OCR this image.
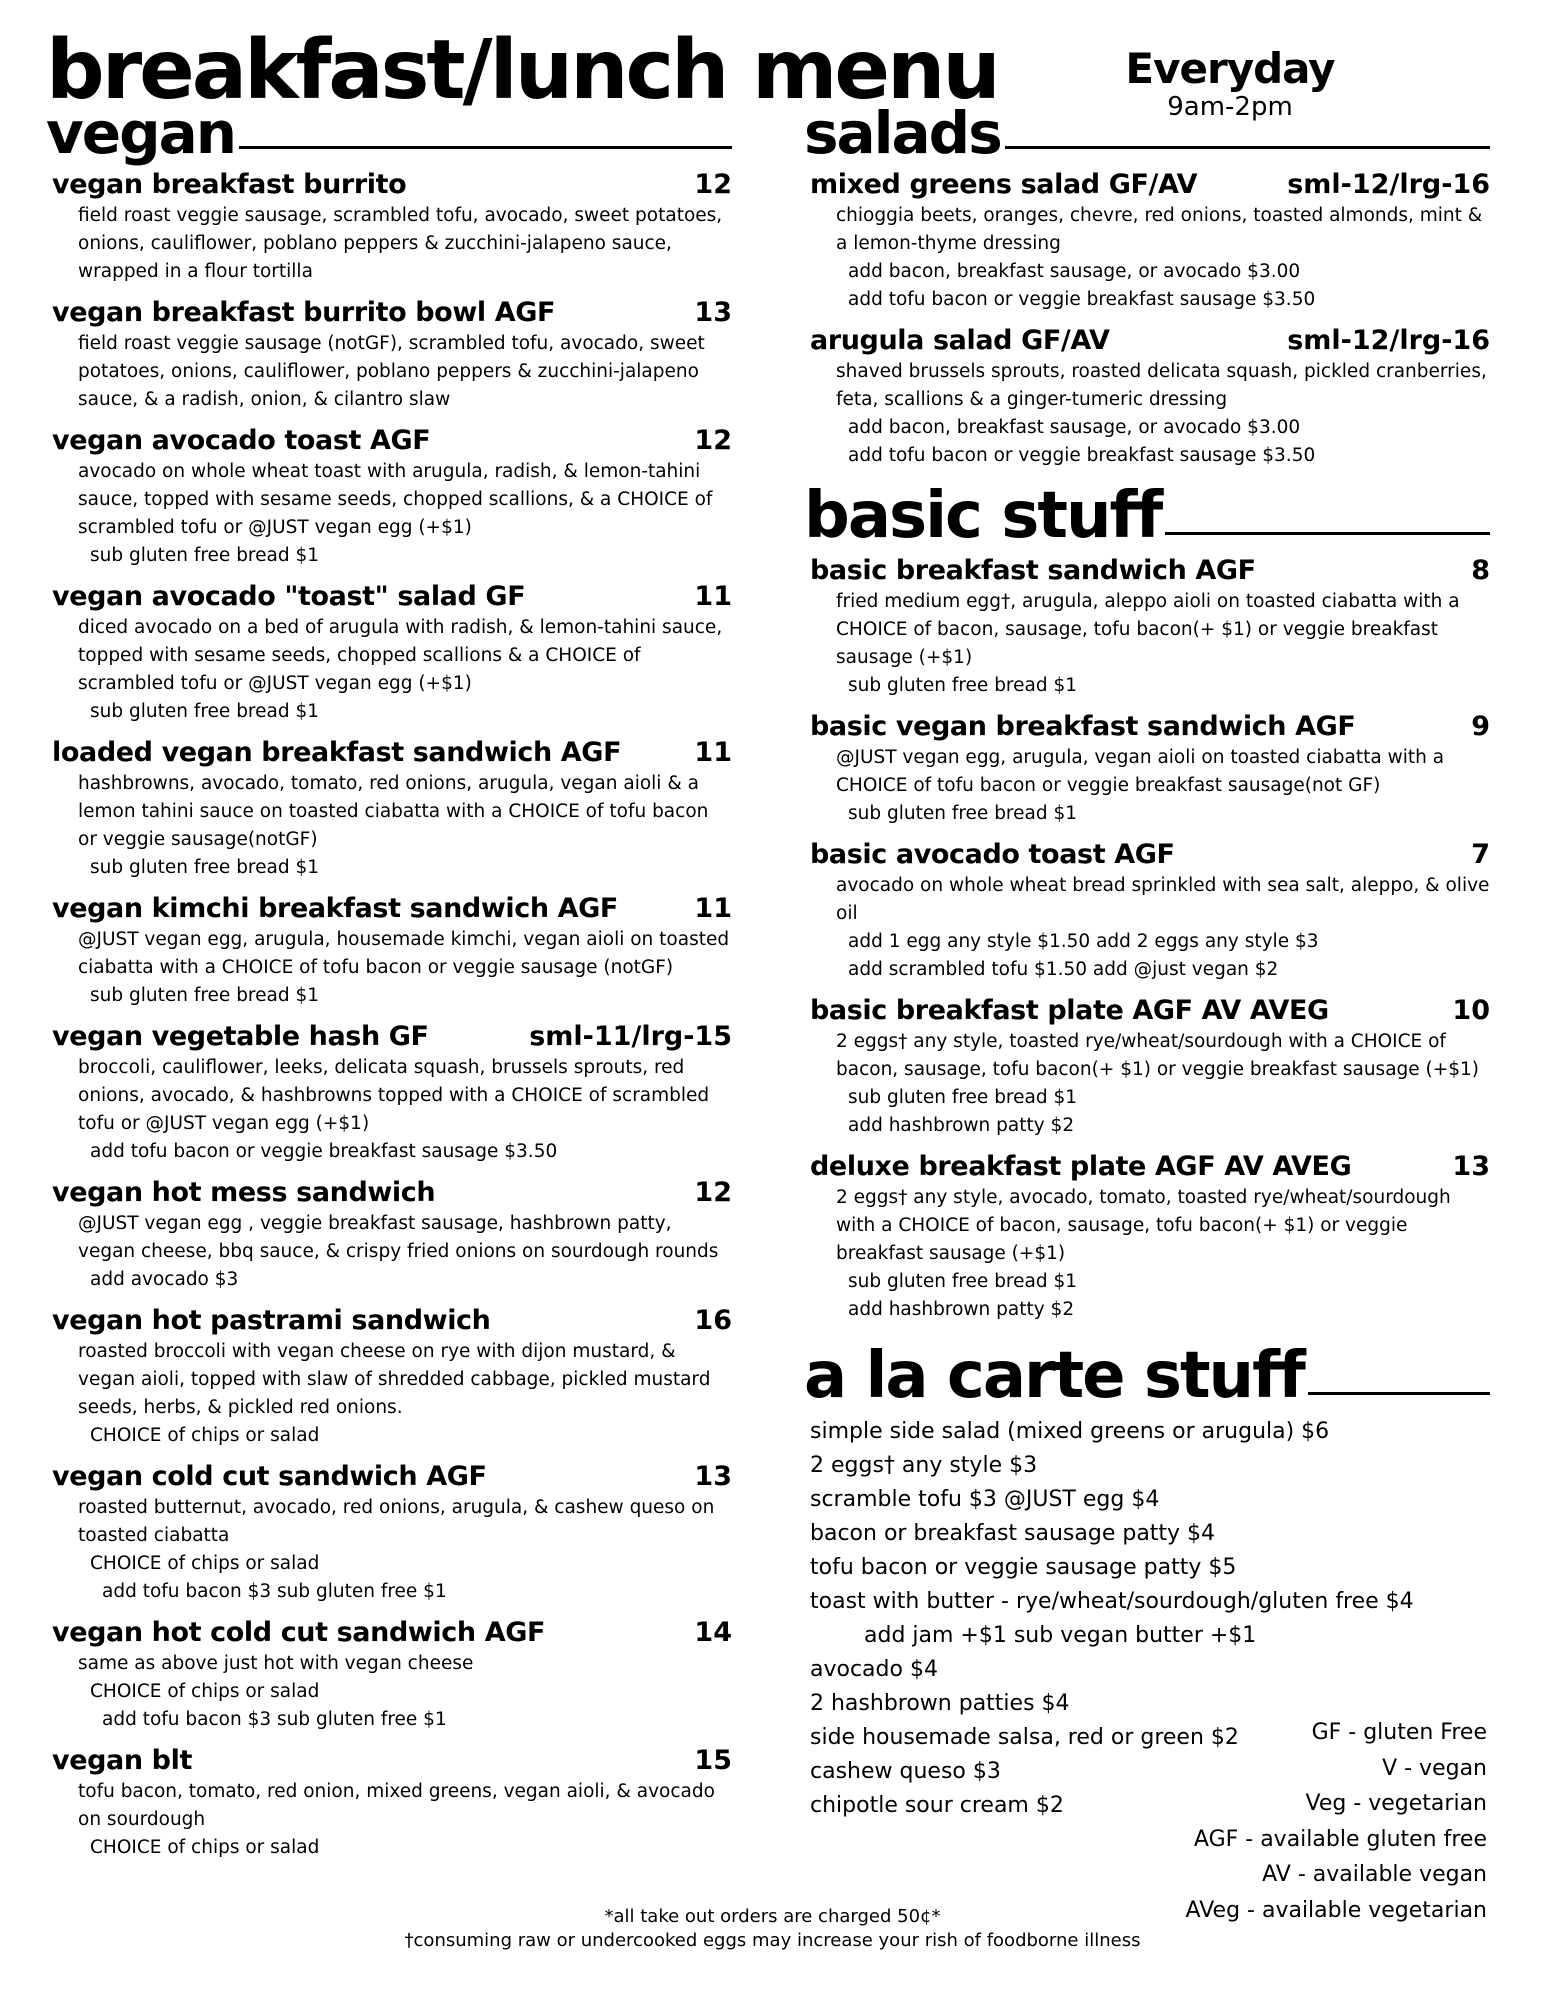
breakfast/lunch menu	Everyday
9am-2pm
vegan
vegan breakfast burrito	12
field roast veggie sausage, scrambled tofu, avocado, sweet potatoes, onions, cauliflower, poblano peppers & zucchini-jalapeno sauce, wrapped in a flour tortilla
vegan breakfast burrito bowl AGF	13
field roast veggie sausage (notGF), scrambled tofu, avocado, sweet potatoes, onions, cauliflower, poblano peppers & zucchini-jalapeno sauce, & a radish, onion, & cilantro slaw
vegan avocado toast AGF	12
avocado on whole wheat toast with arugula, radish, & lemon-tahini sauce, topped with sesame seeds, chopped scallions, & a CHOICE of scrambled tofu or @JUST vegan egg (+$1)
sub gluten free bread $1
vegan avocado "toast" salad GF	11
diced avocado on a bed of arugula with radish, & lemon-tahini sauce, topped with sesame seeds, chopped scallions & a CHOICE of scrambled tofu or @JUST vegan egg (+$1)
sub gluten free bread $1
loaded vegan breakfast sandwich AGF	11
hashbrowns, avocado, tomato, red onions, arugula, vegan aioli & a lemon tahini sauce on toasted ciabatta with a CHOICE of tofu bacon or veggie sausage(notGF)
sub gluten free bread $1
vegan kimchi breakfast sandwich AGF	11
@JUST vegan egg, arugula, housemade kimchi, vegan aioli on toasted ciabatta with a CHOICE of tofu bacon or veggie sausage (notGF)
sub gluten free bread $1
vegan vegetable hash GF	sml-11/lrg-15
broccoli, cauliflower, leeks, delicata squash, brussels sprouts, red onions, avocado, & hashbrowns topped with a CHOICE of scrambled tofu or @JUST vegan egg (+$1)
add tofu bacon or veggie breakfast sausage $3.50
vegan hot mess sandwich	12
@JUST vegan egg , veggie breakfast sausage, hashbrown patty, vegan cheese, bbq sauce, & crispy fried onions on sourdough rounds
add avocado $3
vegan hot pastrami sandwich	16
roasted broccoli with vegan cheese on rye with dijon mustard, & vegan aioli, topped with slaw of shredded cabbage, pickled mustard seeds, herbs, & pickled red onions.
CHOICE of chips or salad
vegan cold cut sandwich AGF	13
roasted butternut, avocado, red onions, arugula, & cashew queso on toasted ciabatta
CHOICE of chips or salad
add tofu bacon $3 sub gluten free $1
vegan hot cold cut sandwich AGF	14
same as above just hot with vegan cheese
CHOICE of chips or salad
add tofu bacon $3 sub gluten free $1
vegan blt	15
tofu bacon, tomato, red onion, mixed greens, vegan aioli, & avocado on sourdough
CHOICE of chips or salad
salads
mixed greens salad GF/AV	sml-12/lrg-16
chioggia beets, oranges, chevre, red onions, toasted almonds, mint & a lemon-thyme dressing
add bacon, breakfast sausage, or avocado $3.00
add tofu bacon or veggie breakfast sausage $3.50
arugula salad GF/AV	sml-12/lrg-16
shaved brussels sprouts, roasted delicata squash, pickled cranberries, feta, scallions & a ginger-tumeric dressing
add bacon, breakfast sausage, or avocado $3.00
add tofu bacon or veggie breakfast sausage $3.50
basic stuff
basic breakfast sandwich AGF	8
fried medium egg†, arugula, aleppo aioli on toasted ciabatta with a CHOICE of bacon, sausage, tofu bacon(+ $1) or veggie breakfast sausage (+$1)
sub gluten free bread $1
basic vegan breakfast sandwich AGF	9
@JUST vegan egg, arugula, vegan aioli on toasted ciabatta with a CHOICE of tofu bacon or veggie breakfast sausage(not GF)
sub gluten free bread $1
basic avocado toast AGF	7
avocado on whole wheat bread sprinkled with sea salt, aleppo, & olive oil
add 1 egg any style $1.50 add 2 eggs any style $3
add scrambled tofu $1.50 add @just vegan $2
basic breakfast plate AGF AV AVEG	10
2 eggs† any style, toasted rye/wheat/sourdough with a CHOICE of bacon, sausage, tofu bacon(+ $1) or veggie breakfast sausage (+$1)
sub gluten free bread $1
add hashbrown patty $2
deluxe breakfast plate AGF AV AVEG	13
2 eggs† any style, avocado, tomato, toasted rye/wheat/sourdough with a CHOICE of bacon, sausage, tofu bacon(+ $1) or veggie breakfast sausage (+$1)
sub gluten free bread $1
add hashbrown patty $2
a la carte stuff
simple side salad (mixed greens or arugula) $6
2 eggs† any style $3
scramble tofu $3 @JUST egg $4
bacon or breakfast sausage patty $4
tofu bacon or veggie sausage patty $5
toast with butter - rye/wheat/sourdough/gluten free $4
add jam +$1 sub vegan butter +$1
avocado $4
2 hashbrown patties $4
side housemade salsa, red or green $2
cashew queso $3
chipotle sour cream $2
GF - gluten Free
V - vegan
Veg - vegetarian
AGF - available gluten free
AV - available vegan
AVeg - available vegetarian
*all take out orders are charged 50¢*
†consuming raw or undercooked eggs may increase your rish of foodborne illness
